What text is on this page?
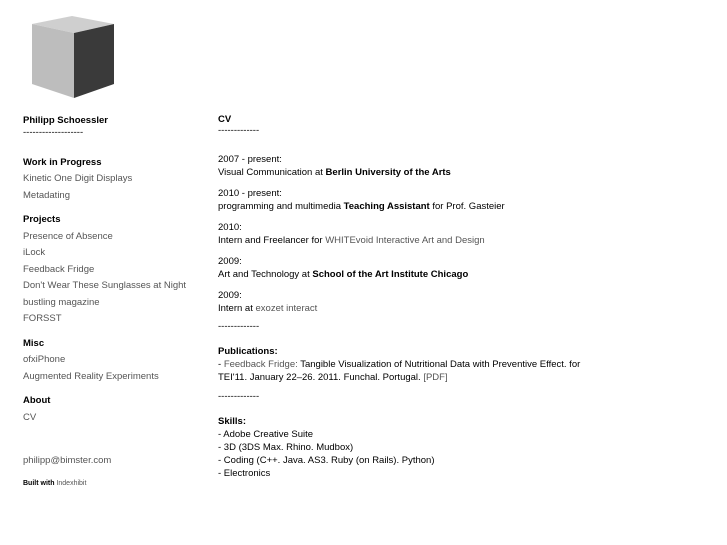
Philipp Schoessler
-------------------
Work in Progress
Kinetic One Digit Displays
Metadating
Projects
Presence of Absence
iLock
Feedback Fridge
Don't Wear These Sunglasses at Night
bustling magazine
FORSST
Misc
ofxiPhone
Augmented Reality Experiments
About
CV
philipp@bimster.com
Built with Indexhibit
CV
-------------
2007 - present:
Visual Communication at Berlin University of the Arts
2010 - present:
programming and multimedia Teaching Assistant for Prof. Gasteier
2010:
Intern and Freelancer for WHITEvoid Interactive Art and Design
2009:
Art and Technology at School of the Art Institute Chicago
2009:
Intern at exozet interact
-------------
Publications:
- Feedback Fridge: Tangible Visualization of Nutritional Data with Preventive Effect. for
TEI'11. January 22–26. 2011. Funchal. Portugal. [PDF]
-------------
Skills:
- Adobe Creative Suite
- 3D (3DS Max. Rhino. Mudbox)
- Coding (C++. Java. AS3. Ruby (on Rails). Python)
- Electronics
